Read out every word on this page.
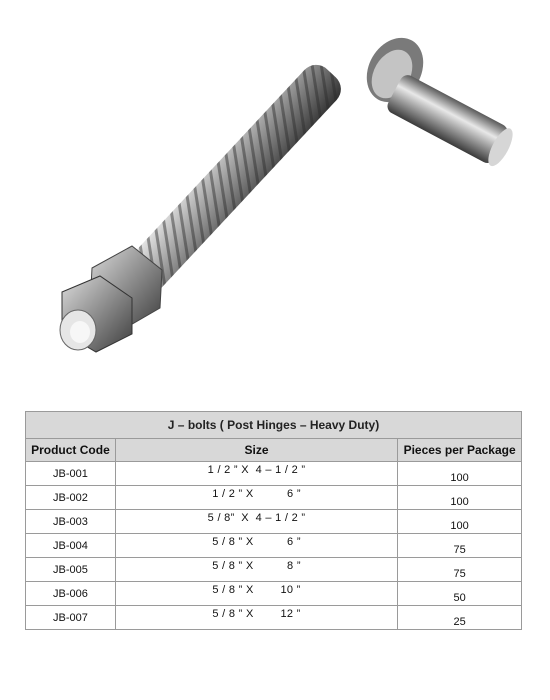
J – bolts ( Post Hinges – Heavy Duty)		
Product Code	Size	Pieces per Package
JB-001	1 / 2 ” X  4 – 1 / 2 ”	100
JB-002	1 / 2 ” X          6 ”	100
JB-003	5 / 8”  X  4 – 1 / 2 ”	100
JB-004	5 / 8 ” X          6 ”	75
JB-005	5 / 8 ” X          8 ”	75
JB-006	5 / 8 ” X        10 ”	50
JB-007	5 / 8 ” X        12 ”	25
